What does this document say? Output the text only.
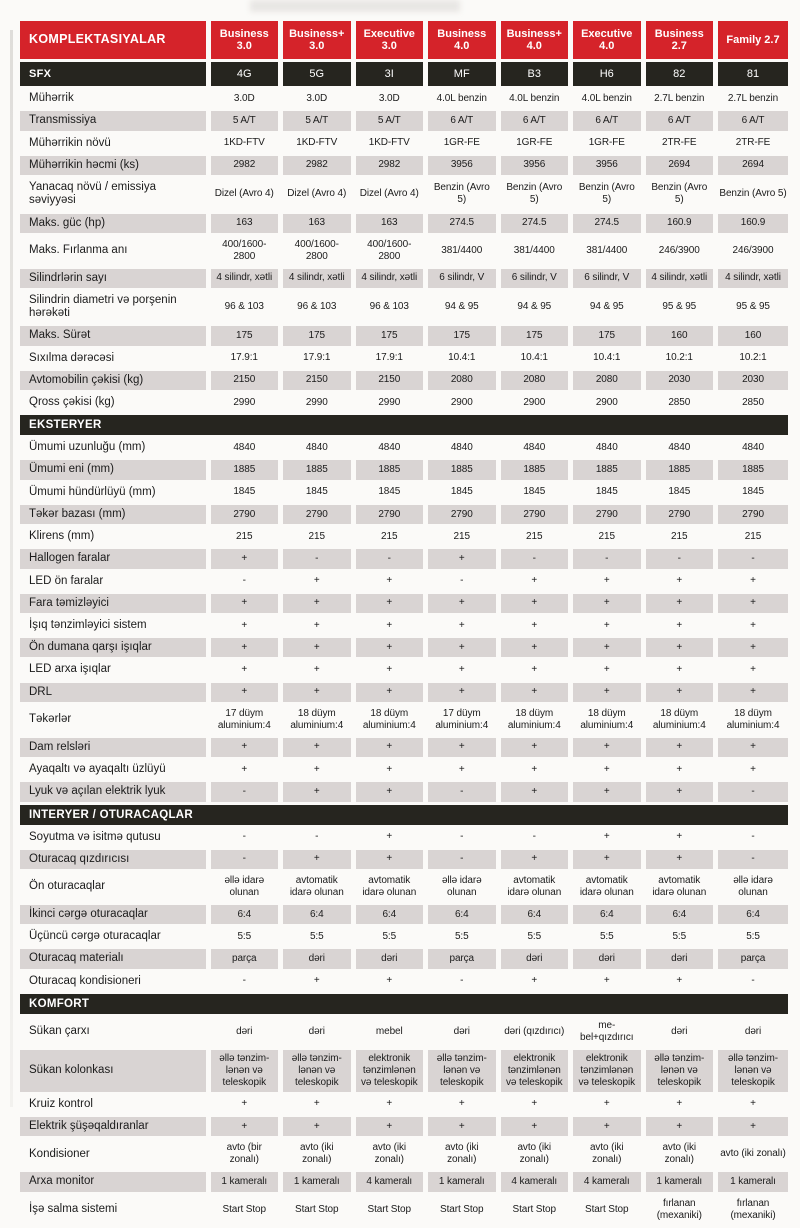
KOMPLEKTASIYALAR	Business 3.0	Business+ 3.0	Executive 3.0	Business 4.0	Business+ 4.0	Executive 4.0	Business 2.7	Family 2.7
SFX	4G	5G	3I	MF	B3	H6	82	81
Mühərrik	3.0D	3.0D	3.0D	4.0L benzin	4.0L benzin	4.0L benzin	2.7L benzin	2.7L benzin
Transmissiya	5 A/T	5 A/T	5 A/T	6 A/T	6 A/T	6 A/T	6 A/T	6 A/T
Mühərrikin növü	1KD-FTV	1KD-FTV	1KD-FTV	1GR-FE	1GR-FE	1GR-FE	2TR-FE	2TR-FE
Mühərrikin həcmi (ks)	2982	2982	2982	3956	3956	3956	2694	2694
Yanacaq növü / emissiya səviyyəsi	Dizel (Avro 4)	Dizel (Avro 4)	Dizel (Avro 4)	Benzin (Avro 5)	Benzin (Avro 5)	Benzin (Avro 5)	Benzin (Avro 5)	Benzin (Avro 5)
Maks. güc (hp)	163	163	163	274.5	274.5	274.5	160.9	160.9
Maks. Fırlanma anı	400/1600-2800	400/1600-2800	400/1600-2800	381/4400	381/4400	381/4400	246/3900	246/3900
Silindrlərin sayı	4 silindr, xətli	4 silindr, xətli	4 silindr, xətli	6 silindr, V	6 silindr, V	6 silindr, V	4 silindr, xətli	4 silindr, xətli
Silindrin diametri və porşenin hərəkəti	96 & 103	96 & 103	96 & 103	94 & 95	94 & 95	94 & 95	95 & 95	95 & 95
Maks. Sürət	175	175	175	175	175	175	160	160
Sıxılma dərəcəsi	17.9:1	17.9:1	17.9:1	10.4:1	10.4:1	10.4:1	10.2:1	10.2:1
Avtomobilin çəkisi (kg)	2150	2150	2150	2080	2080	2080	2030	2030
Qross çəkisi (kg)	2990	2990	2990	2900	2900	2900	2850	2850
EKSTERYER								
Ümumi uzunluğu (mm)	4840	4840	4840	4840	4840	4840	4840	4840
Ümumi eni (mm)	1885	1885	1885	1885	1885	1885	1885	1885
Ümumi hündürlüyü (mm)	1845	1845	1845	1845	1845	1845	1845	1845
Təkər bazası (mm)	2790	2790	2790	2790	2790	2790	2790	2790
Klirens (mm)	215	215	215	215	215	215	215	215
Hallogen faralar	+	-	-	+	-	-	-	-
LED ön faralar	-	+	+	-	+	+	+	+
Fara təmizləyici	+	+	+	+	+	+	+	+
İşıq tənzimləyici sistem	+	+	+	+	+	+	+	+
Ön dumana qarşı işıqlar	+	+	+	+	+	+	+	+
LED arxa işıqlar	+	+	+	+	+	+	+	+
DRL	+	+	+	+	+	+	+	+
Təkərlər	17 düym aluminium:4	18 düym aluminium:4	18 düym aluminium:4	17 düym aluminium:4	18 düym aluminium:4	18 düym aluminium:4	18 düym aluminium:4	18 düym aluminium:4
Dam relsləri	+	+	+	+	+	+	+	+
Ayaqaltı və ayaqaltı üzlüyü	+	+	+	+	+	+	+	+
Lyuk və açılan elektrik lyuk	-	+	+	-	+	+	+	-
INTERYER / OTURACAQLAR								
Soyutma və isitmə qutusu	-	-	+	-	-	+	+	-
Oturacaq qızdırıcısı	-	+	+	-	+	+	+	-
Ön oturacaqlar	əllə idarə olunan	avtomatik idarə olunan	avtomatik idarə olunan	əllə idarə olunan	avtomatik idarə olunan	avtomatik idarə olunan	avtomatik idarə olunan	əllə idarə olunan
İkinci cərgə oturacaqlar	6:4	6:4	6:4	6:4	6:4	6:4	6:4	6:4
Üçüncü cərgə oturacaqlar	5:5	5:5	5:5	5:5	5:5	5:5	5:5	5:5
Oturacaq materialı	parça	dəri	dəri	parça	dəri	dəri	dəri	parça
Oturacaq kondisioneri	-	+	+	-	+	+	+	-
KOMFORT								
Sükan çarxı	dəri	dəri	mebel	dəri	dəri (qızdırıcı)	me-bel+qızdırıcı	dəri	dəri
Sükan kolonkası	əllə tənzim-lənən və teleskopik	əllə tənzim-lənən və teleskopik	elektronik tənzimlənən və teleskopik	əllə tənzim-lənən və teleskopik	elektronik tənzimlənən və teleskopik	elektronik tənzimlənən və teleskopik	əllə tənzim-lənən və teleskopik	əllə tənzim-lənən və teleskopik
Kruiz kontrol	+	+	+	+	+	+	+	+
Elektrik şüşəqaldıranlar	+	+	+	+	+	+	+	+
Kondisioner	avto (bir zonalı)	avto (iki zonalı)	avto (iki zonalı)	avto (iki zonalı)	avto (iki zonalı)	avto (iki zonalı)	avto (iki zonalı)	avto (iki zonalı)
Arxa monitor	1 kameralı	1 kameralı	4 kameralı	1 kameralı	4 kameralı	4 kameralı	1 kameralı	1 kameralı
İşə salma sistemi	Start Stop	Start Stop	Start Stop	Start Stop	Start Stop	Start Stop	fırlanan (mexaniki)	fırlanan (mexaniki)
